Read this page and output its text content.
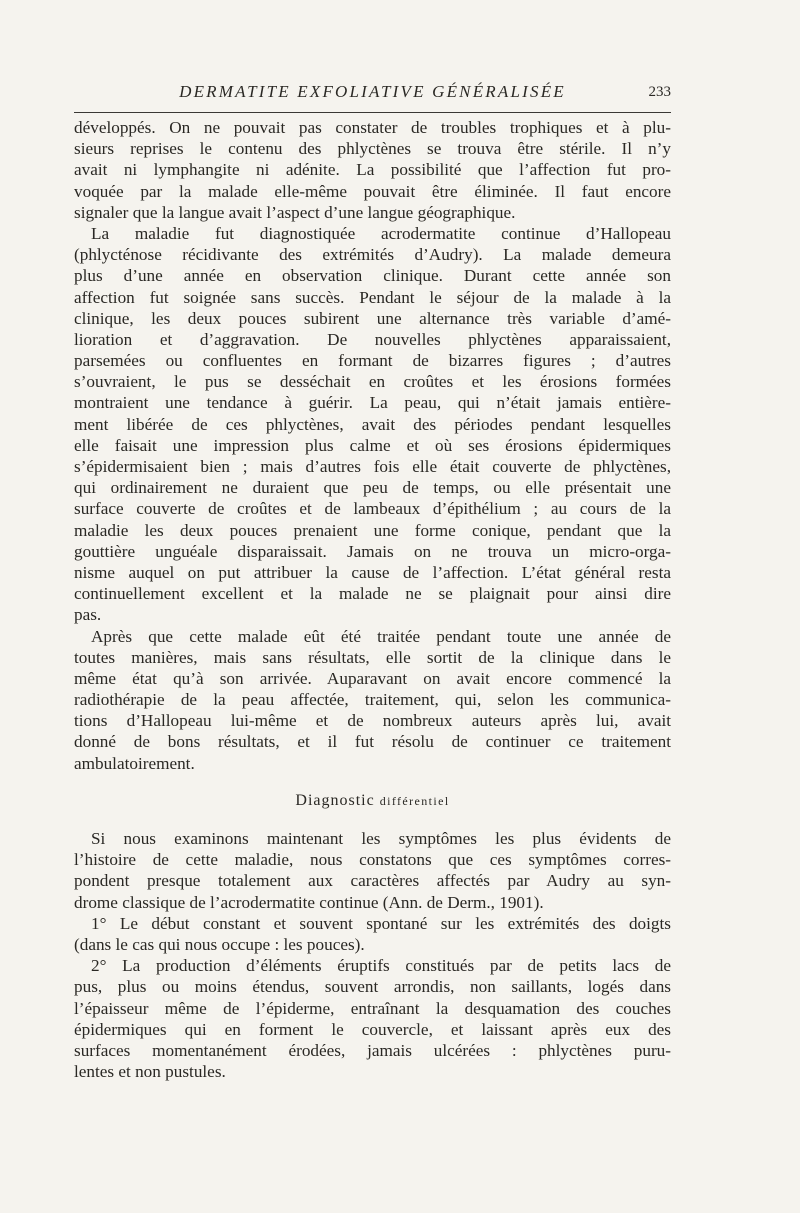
DERMATITE EXFOLIATIVE GÉNÉRALISÉE	233
développés. On ne pouvait pas constater de troubles trophiques et à plu-
sieurs reprises le contenu des phlyctènes se trouva être stérile. Il n’y
avait ni lymphangite ni adénite. La possibilité que l’affection fut pro-
voquée par la malade elle-même pouvait être éliminée. Il faut encore
signaler que la langue avait l’aspect d’une langue géographique.
La maladie fut diagnostiquée acrodermatite continue d’Hallopeau
(phlycténose récidivante des extrémités d’Audry). La malade demeura
plus d’une année en observation clinique. Durant cette année son
affection fut soignée sans succès. Pendant le séjour de la malade à la
clinique, les deux pouces subirent une alternance très variable d’amé-
lioration et d’aggravation. De nouvelles phlyctènes apparaissaient,
parsemées ou confluentes en formant de bizarres figures ; d’autres
s’ouvraient, le pus se desséchait en croûtes et les érosions formées
montraient une tendance à guérir. La peau, qui n’était jamais entière-
ment libérée de ces phlyctènes, avait des périodes pendant lesquelles
elle faisait une impression plus calme et où ses érosions épidermiques
s’épidermisaient bien ; mais d’autres fois elle était couverte de phlyctènes,
qui ordinairement ne duraient que peu de temps, ou elle présentait une
surface couverte de croûtes et de lambeaux d’épithélium ; au cours de la
maladie les deux pouces prenaient une forme conique, pendant que la
gouttière unguéale disparaissait. Jamais on ne trouva un micro-orga-
nisme auquel on put attribuer la cause de l’affection. L’état général resta
continuellement excellent et la malade ne se plaignait pour ainsi dire
pas.
Après que cette malade eût été traitée pendant toute une année de
toutes manières, mais sans résultats, elle sortit de la clinique dans le
même état qu’à son arrivée. Auparavant on avait encore commencé la
radiothérapie de la peau affectée, traitement, qui, selon les communica-
tions d’Hallopeau lui-même et de nombreux auteurs après lui, avait
donné de bons résultats, et il fut résolu de continuer ce traitement
ambulatoirement.
Diagnostic différentiel
Si nous examinons maintenant les symptômes les plus évidents de
l’histoire de cette maladie, nous constatons que ces symptômes corres-
pondent presque totalement aux caractères affectés par Audry au syn-
drome classique de l’acrodermatite continue (Ann. de Derm., 1901).
1° Le début constant et souvent spontané sur les extrémités des doigts
(dans le cas qui nous occupe : les pouces).
2° La production d’éléments éruptifs constitués par de petits lacs de
pus, plus ou moins étendus, souvent arrondis, non saillants, logés dans
l’épaisseur même de l’épiderme, entraînant la desquamation des couches
épidermiques qui en forment le couvercle, et laissant après eux des
surfaces momentanément érodées, jamais ulcérées : phlyctènes puru-
lentes et non pustules.
